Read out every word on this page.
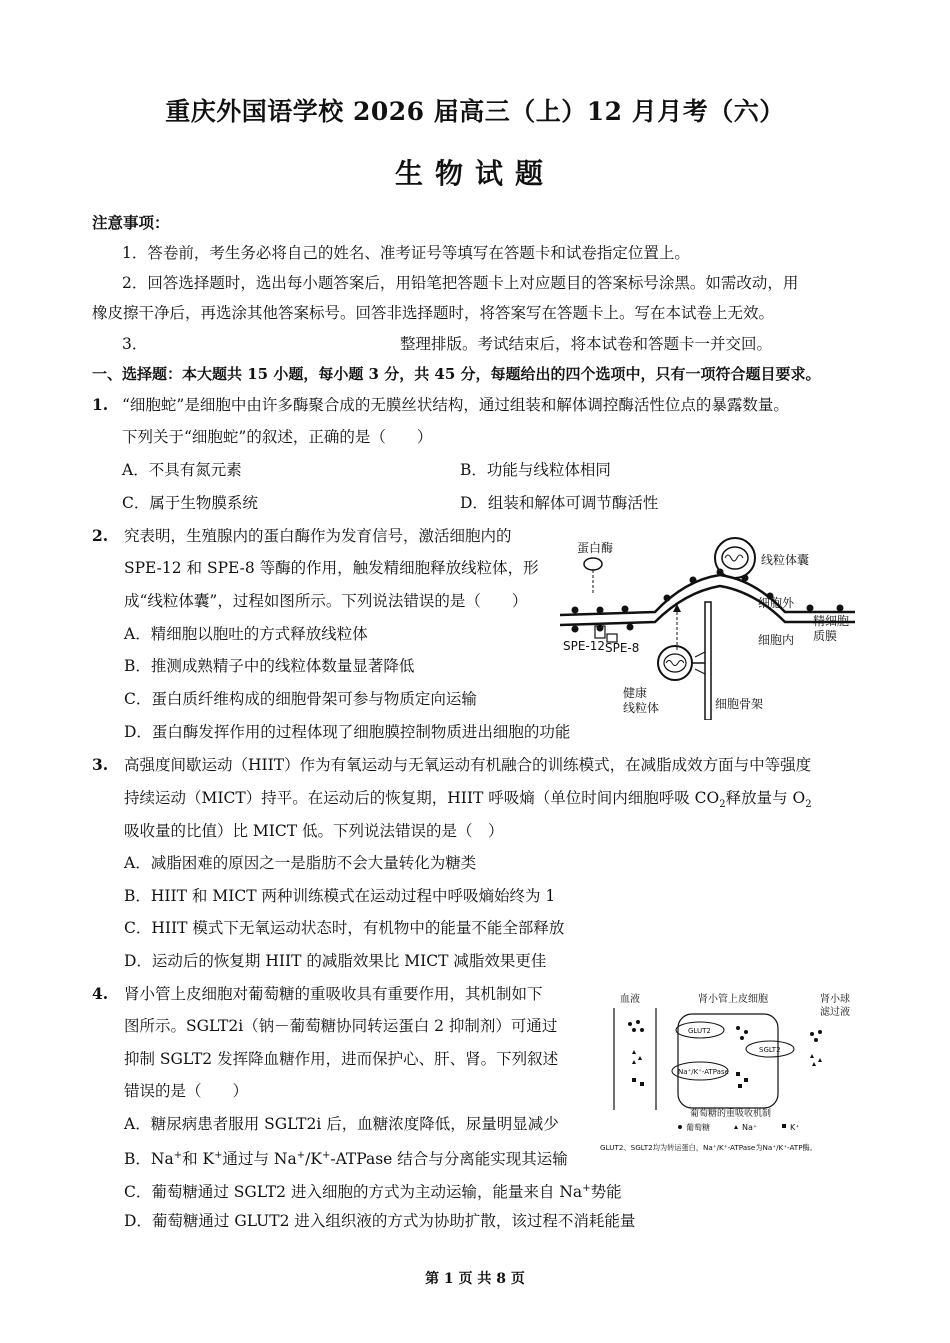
重庆外国语学校 2026 届高三（上）12 月月考（六）
生物试题
注意事项：
1．答卷前，考生务必将自己的姓名、准考证号等填写在答题卡和试卷指定位置上。
2．回答选择题时，选出每小题答案后，用铅笔把答题卡上对应题目的答案标号涂黑。如需改动，用
橡皮擦干净后，再选涂其他答案标号。回答非选择题时，将答案写在答题卡上。写在本试卷上无效。
3．	整理排版。考试结束后，将本试卷和答题卡一并交回。
一、选择题：本大题共 15 小题，每小题 3 分，共 45 分，每题给出的四个选项中，只有一项符合题目要求。
1. “细胞蛇”是细胞中由许多酶聚合成的无膜丝状结构，通过组装和解体调控酶活性位点的暴露数量。
下列关于“细胞蛇”的叙述，正确的是（　　）
A．不具有氮元素	B．功能与线粒体相同
C．属于生物膜系统	D．组装和解体可调节酶活性
2. 究表明，生殖腺内的蛋白酶作为发育信号，激活细胞内的
SPE-12 和 SPE-8 等酶的作用，触发精细胞释放线粒体，形
成“线粒体囊”，过程如图所示。下列说法错误的是（　　）
A．精细胞以胞吐的方式释放线粒体
B．推测成熟精子中的线粒体数量显著降低
C．蛋白质纤维构成的细胞骨架可参与物质定向运输
D．蛋白酶发挥作用的过程体现了细胞膜控制物质进出细胞的功能
蛋白酶
线粒体囊
细胞外
细胞内
精细胞
质膜
SPE-12 SPE-8
健康
线粒体	细胞骨架
3. 高强度间歇运动（HIIT）作为有氧运动与无氧运动有机融合的训练模式，在减脂成效方面与中等强度
持续运动（MICT）持平。在运动后的恢复期，HIIT 呼吸熵（单位时间内细胞呼吸 $CO_2$释放量与 $O_2$
吸收量的比值）比 MICT 低。下列说法错误的是（　）
A．减脂困难的原因之一是脂肪不会大量转化为糖类
B．HIIT 和 MICT 两种训练模式在运动过程中呼吸熵始终为 1
C．HIIT 模式下无氧运动状态时，有机物中的能量不能全部释放
D．运动后的恢复期 HIIT 的减脂效果比 MICT 减脂效果更佳
4. 肾小管上皮细胞对葡萄糖的重吸收具有重要作用，其机制如下
图所示。SGLT2i（钠－葡萄糖协同转运蛋白 2 抑制剂）可通过
抑制 SGLT2 发挥降血糖作用，进而保护心、肝、肾。下列叙述
错误的是（　　）
A．糖尿病患者服用 SGLT2i 后，血糖浓度降低，尿量明显减少
B．Na+和 K+通过与 Na+/K+-ATPase 结合与分离能实现其运输
C．葡萄糖通过 SGLT2 进入细胞的方式为主动运输，能量来自 Na+势能
D．葡萄糖通过 GLUT2 进入组织液的方式为协助扩散，该过程不消耗能量
血液	肾小管上皮细胞	肾小球
滤过液
GLUT2
SGLT2
Na⁺/K⁺-ATPase
葡萄糖的重吸收机制
葡萄糖	Na⁺	K⁺
GLUT2、SGLT2均为转运蛋白，Na⁺/K⁺-ATPase为Na⁺/K⁺-ATP酶。
第 1 页 共 8 页
